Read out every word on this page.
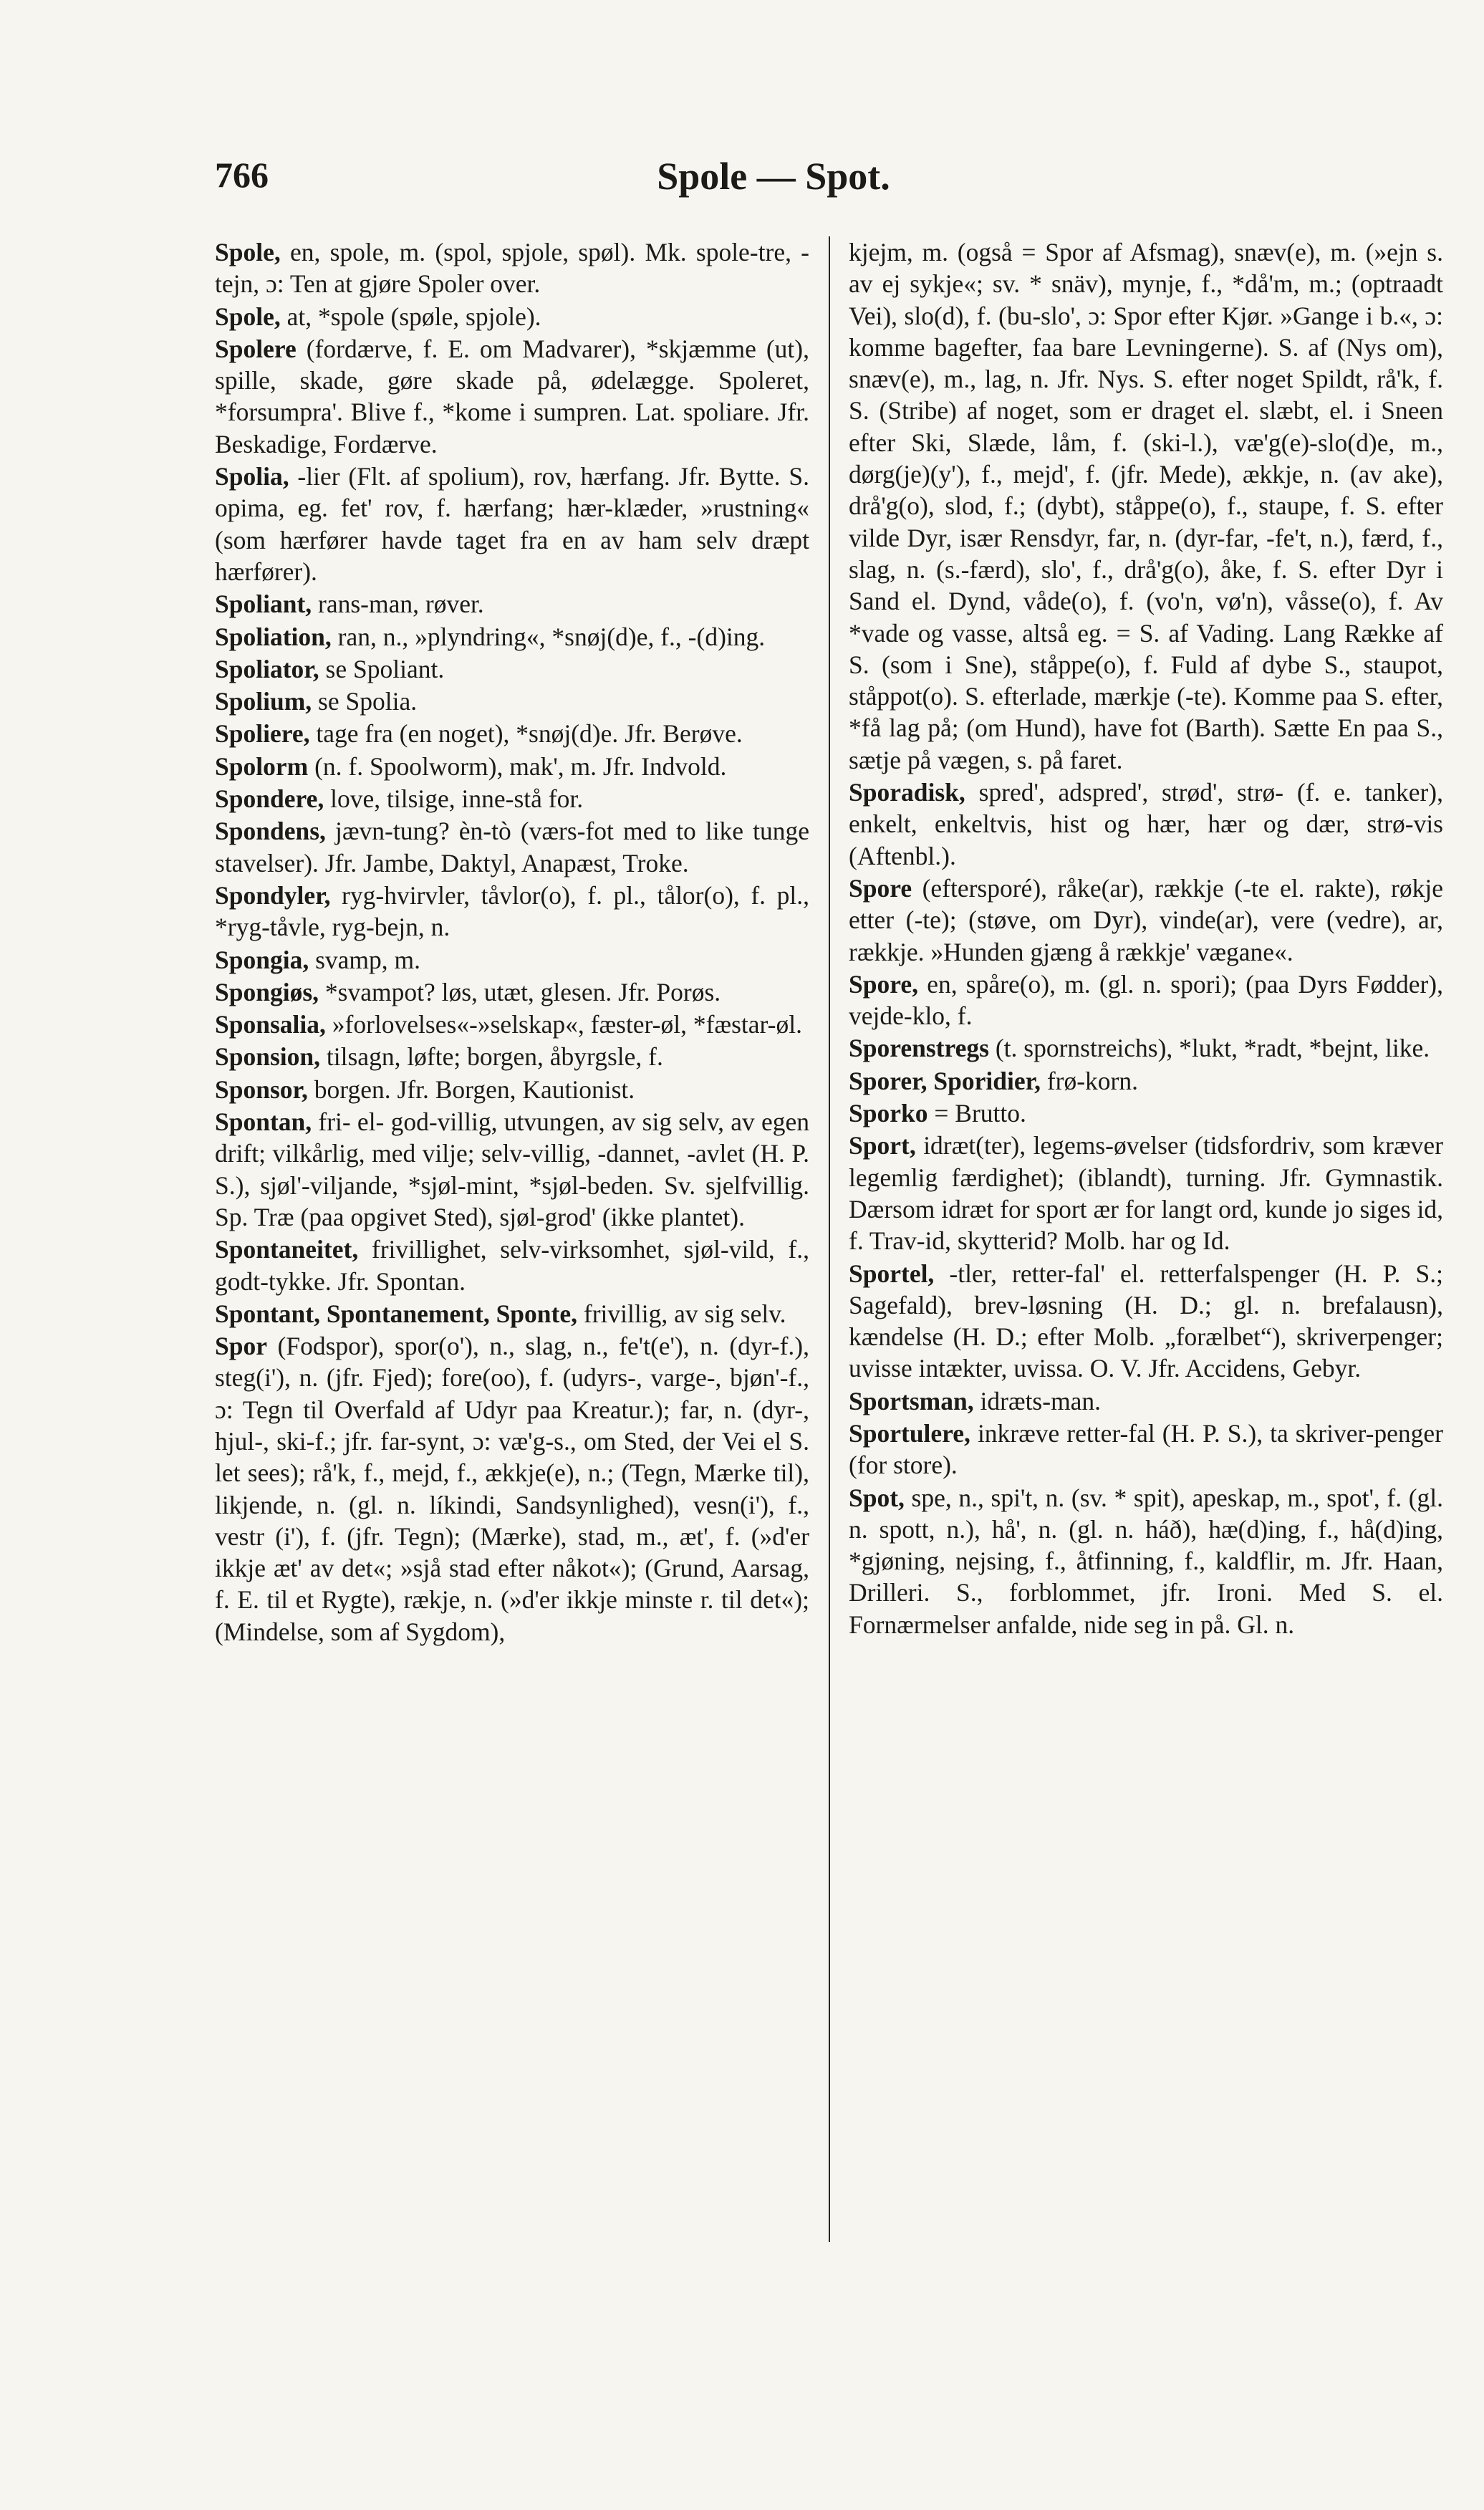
766	Spole — Spot.

Spole, en, spole, m. (spol, spjole, spøl). Mk. spole-tre, -tejn, ɔ: Ten at gjøre Spoler over.

Spole, at, *spole (spøle, spjole).

Spolere (fordærve, f. E. om Madvarer), *skjæmme (ut), spille, skade, gøre skade på, ødelægge. Spoleret, *forsumpra'. Blive f., *kome i sumpren. Lat. spoliare. Jfr. Beskadige, Fordærve.

Spolia, -lier (Flt. af spolium), rov, hærfang. Jfr. Bytte. S. opima, eg. fet' rov, f. hærfang; hær-klæder, »rustning« (som hærfører havde taget fra en av ham selv dræpt hærfører).

Spoliant, rans-man, røver.

Spoliation, ran, n., »plyndring«, *snøj(d)e, f., -(d)ing.

Spoliator, se Spoliant.

Spolium, se Spolia.

Spoliere, tage fra (en noget), *snøj(d)e. Jfr. Berøve.

Spolorm (n. f. Spoolworm), mak', m. Jfr. Indvold.

Spondere, love, tilsige, inne-stå for.

Spondens, jævn-tung? èn-tò (værs-fot med to like tunge stavelser). Jfr. Jambe, Daktyl, Anapæst, Troke.

Spondyler, ryg-hvirvler, tåvlor(o), f. pl., tålor(o), f. pl., *ryg-tåvle, ryg-bejn, n.

Spongia, svamp, m.

Spongiøs, *svampot? løs, utæt, glesen. Jfr. Porøs.

Sponsalia, »forlovelses«-»selskap«, fæster-øl, *fæstar-øl.

Sponsion, tilsagn, løfte; borgen, åbyrgsle, f.

Sponsor, borgen. Jfr. Borgen, Kautionist.

Spontan, fri- el- god-villig, utvungen, av sig selv, av egen drift; vilkårlig, med vilje; selv-villig, -dannet, -avlet (H. P. S.), sjøl'-viljande, *sjøl-mint, *sjøl-beden. Sv. sjelfvillig. Sp. Træ (paa opgivet Sted), sjøl-grod' (ikke plantet).

Spontaneitet, frivillighet, selv-virksomhet, sjøl-vild, f., godt-tykke. Jfr. Spontan.

Spontant, Spontanement, Sponte, frivillig, av sig selv.

Spor (Fodspor), spor(o'), n., slag, n., fe't(e'), n. (dyr-f.), steg(i'), n. (jfr. Fjed); fore(oo), f. (udyrs-, varge-, bjøn'-f., ɔ: Tegn til Overfald af Udyr paa Kreatur.); far, n. (dyr-, hjul-, ski-f.; jfr. far-synt, ɔ: væ'g-s., om Sted, der Vei el S. let sees); rå'k, f., mejd, f., ækkje(e), n.; (Tegn, Mærke til), likjende, n. (gl. n. líkindi, Sandsynlighed), vesn(i'), f., vestr (i'), f. (jfr. Tegn); (Mærke), stad, m., æt', f. (»d'er ikkje æt' av det«; »sjå stad efter nåkot«); (Grund, Aarsag, f. E. til et Rygte), rækje, n. (»d'er ikkje minste r. til det«); (Mindelse, som af Sygdom),

kjejm, m. (også = Spor af Afsmag), snæv(e), m. (»ejn s. av ej sykje«; sv. * snäv), mynje, f., *då'm, m.; (optraadt Vei), slo(d), f. (bu-slo', ɔ: Spor efter Kjør. »Gange i b.«, ɔ: komme bagefter, faa bare Levningerne). S. af (Nys om), snæv(e), m., lag, n. Jfr. Nys. S. efter noget Spildt, rå'k, f. S. (Stribe) af noget, som er draget el. slæbt, el. i Sneen efter Ski, Slæde, låm, f. (ski-l.), væ'g(e)-slo(d)e, m., dørg(je)(y'), f., mejd', f. (jfr. Mede), ækkje, n. (av ake), drå'g(o), slod, f.; (dybt), ståppe(o), f., staupe, f. S. efter vilde Dyr, især Rensdyr, far, n. (dyr-far, -fe't, n.), færd, f., slag, n. (s.-færd), slo', f., drå'g(o), åke, f. S. efter Dyr i Sand el. Dynd, våde(o), f. (vo'n, vø'n), våsse(o), f. Av *vade og vasse, altså eg. = S. af Vading. Lang Række af S. (som i Sne), ståppe(o), f. Fuld af dybe S., staupot, ståppot(o). S. efterlade, mærkje (-te). Komme paa S. efter, *få lag på; (om Hund), have fot (Barth). Sætte En paa S., sætje på vægen, s. på faret.

Sporadisk, spred', adspred', strød', strø- (f. e. tanker), enkelt, enkeltvis, hist og hær, hær og dær, strø-vis (Aftenbl.).

Spore (eftersporé), råke(ar), rækkje (-te el. rakte), røkje etter (-te); (støve, om Dyr), vinde(ar), vere (vedre), ar, rækkje. »Hunden gjæng å rækkje' vægane«.

Spore, en, spåre(o), m. (gl. n. spori); (paa Dyrs Fødder), vejde-klo, f.

Sporenstregs (t. spornstreichs), *lukt, *radt, *bejnt, like.

Sporer, Sporidier, frø-korn.

Sporko = Brutto.

Sport, idræt(ter), legems-øvelser (tidsfordriv, som kræver legemlig færdighet); (iblandt), turning. Jfr. Gymnastik. Dærsom idræt for sport ær for langt ord, kunde jo siges id, f. Trav-id, skytterid? Molb. har og Id.

Sportel, -tler, retter-fal' el. retterfalspenger (H. P. S.; Sagefald), brev-løsning (H. D.; gl. n. brefalausn), kændelse (H. D.; efter Molb. „forælbet“), skriverpenger; uvisse intækter, uvissa. O. V. Jfr. Accidens, Gebyr.

Sportsman, idræts-man.

Sportulere, inkræve retter-fal (H. P. S.), ta skriver-penger (for store).

Spot, spe, n., spi't, n. (sv. * spit), apeskap, m., spot', f. (gl. n. spott, n.), hå', n. (gl. n. háð), hæ(d)ing, f., hå(d)ing, *gjøning, nejsing, f., åtfinning, f., kaldflir, m. Jfr. Haan, Drilleri. S., forblommet, jfr. Ironi. Med S. el. Fornærmelser anfalde, nide seg in på. Gl. n.
